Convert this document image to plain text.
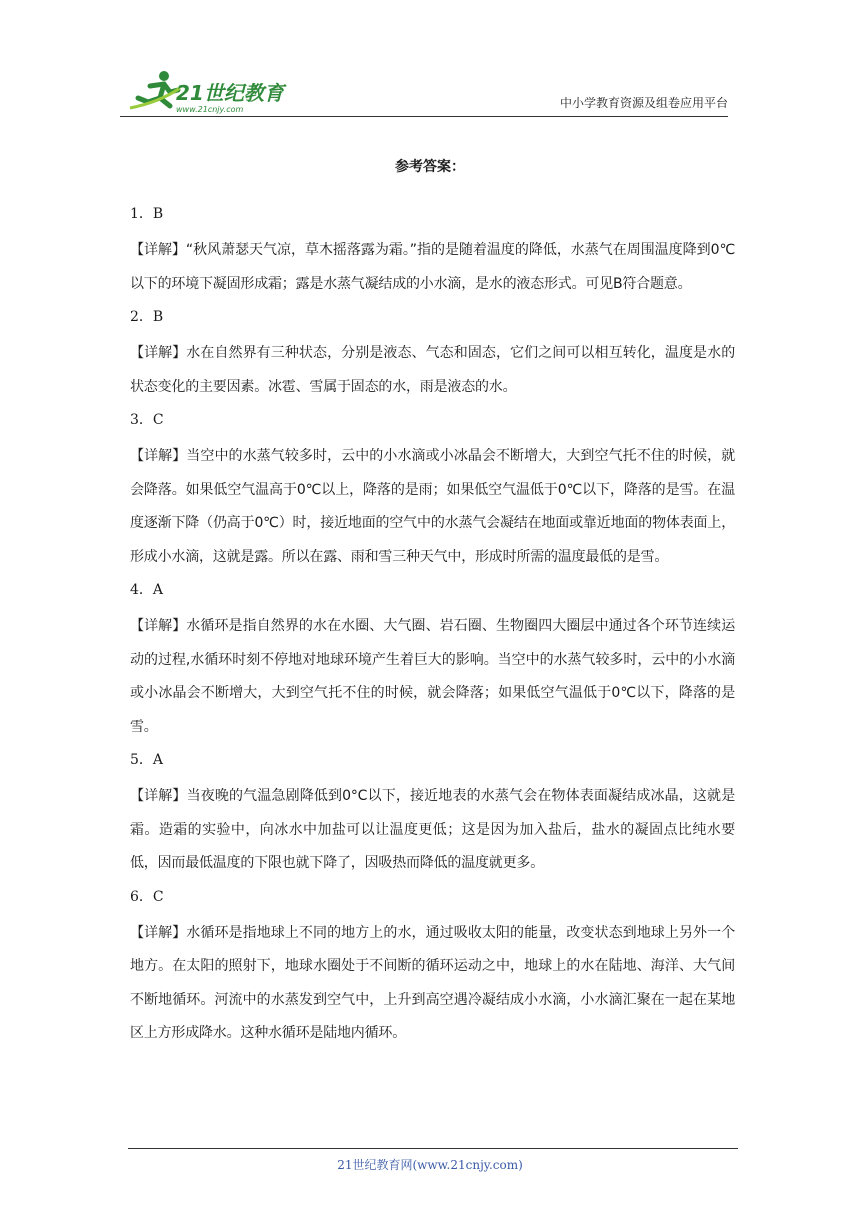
21世纪教育
www.21cnjy.com	中小学教育资源及组卷应用平台
参考答案：
1．B

【详解】“秋风萧瑟天气凉，草木摇落露为霜。”指的是随着温度的降低，水蒸气在周围温度降到0℃以下的环境下凝固形成霜；露是水蒸气凝结成的小水滴，是水的液态形式。可见B符合题意。

2．B

【详解】水在自然界有三种状态，分别是液态、气态和固态，它们之间可以相互转化，温度是水的状态变化的主要因素。冰雹、雪属于固态的水，雨是液态的水。

3．C

【详解】当空中的水蒸气较多时，云中的小水滴或小冰晶会不断增大，大到空气托不住的时候，就会降落。如果低空气温高于0℃以上，降落的是雨；如果低空气温低于0℃以下，降落的是雪。在温度逐渐下降（仍高于0℃）时，接近地面的空气中的水蒸气会凝结在地面或靠近地面的物体表面上，形成小水滴，这就是露。所以在露、雨和雪三种天气中，形成时所需的温度最低的是雪。

4．A

【详解】水循环是指自然界的水在水圈、大气圈、岩石圈、生物圈四大圈层中通过各个环节连续运动的过程,水循环时刻不停地对地球环境产生着巨大的影响。当空中的水蒸气较多时，云中的小水滴或小冰晶会不断增大，大到空气托不住的时候，就会降落；如果低空气温低于0℃以下，降落的是雪。

5．A

【详解】当夜晚的气温急剧降低到0°C以下，接近地表的水蒸气会在物体表面凝结成冰晶，这就是霜。造霜的实验中，向冰水中加盐可以让温度更低；这是因为加入盐后，盐水的凝固点比纯水要低，因而最低温度的下限也就下降了，因吸热而降低的温度就更多。

6．C

【详解】水循环是指地球上不同的地方上的水，通过吸收太阳的能量，改变状态到地球上另外一个地方。在太阳的照射下，地球水圈处于不间断的循环运动之中，地球上的水在陆地、海洋、大气间不断地循环。河流中的水蒸发到空气中，上升到高空遇冷凝结成小水滴，小水滴汇聚在一起在某地区上方形成降水。这种水循环是陆地内循环。

21世纪教育网(www.21cnjy.com)
